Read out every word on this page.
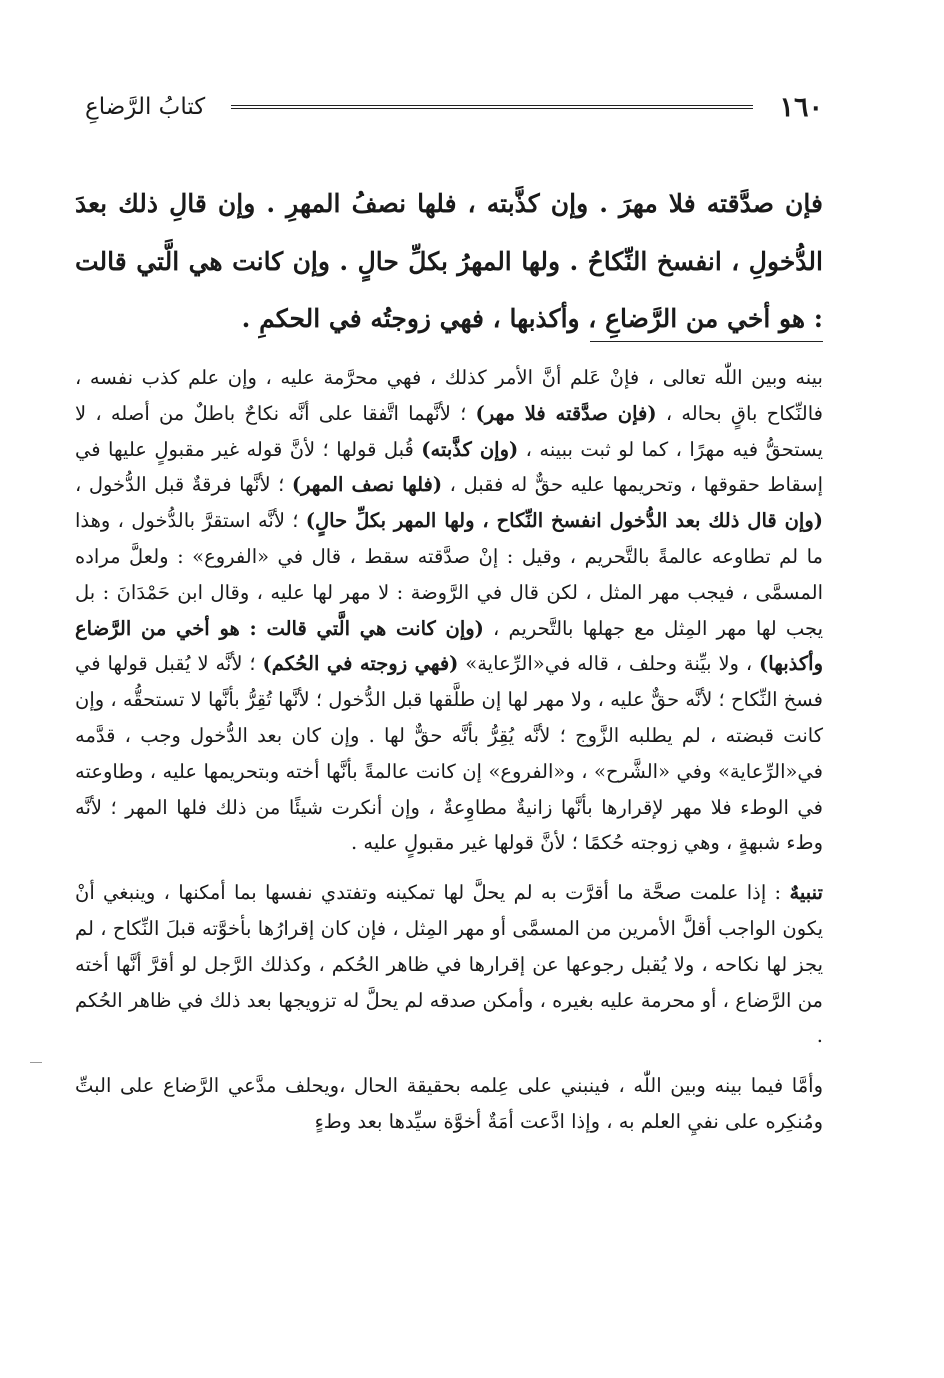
١٦٠
كتابُ الرَّضاعِ

فإن صدَّقته فلا مهرَ . وإن كذَّبته ، فلها نصفُ المهرِ . وإن قالِ ذلك بعدَ الدُّخولِ ، انفسخ النِّكاحُ . ولها المهرُ بكلِّ حالٍ . وإن كانت هي الَّتي قالت : هو أخي من الرَّضاعِ ، وأكذبها ، فهي زوجتُه في الحكمِ .

بينه وبين اللّٰه تعالى ، فإنْ عَلم أنَّ الأمر كذلك ، فهي محرَّمة عليه ، وإن علم كذب نفسه ، فالنِّكاح باقٍ بحاله ، (فإن صدَّقته فلا مهر) ؛ لأنَّهما اتَّفقا على أنَّه نكاحٌ باطلٌ من أصله ، لا يستحقُّ فيه مهرًا ، كما لو ثبت ببينه ، (وإن كذَّبته) قُبل قولها ؛ لأنَّ قوله غير مقبولٍ عليها في إسقاط حقوقها ، وتحريمها عليه حقٌّ له فقبل ، (فلها نصف المهر) ؛ لأنَّها فرقةٌ قبل الدُّخول ، (وإن قال ذلك بعد الدُّخول انفسخ النِّكاح ، ولها المهر بكلِّ حالٍ) ؛ لأنَّه استقرَّ بالدُّخول ، وهذا ما لم تطاوعه عالمةً بالتَّحريم ، وقيل : إنْ صدَّقته سقط ، قال في «الفروع» : ولعلَّ مراده المسمَّى ، فيجب مهر المثل ، لكن قال في الرَّوضة : لا مهر لها عليه ، وقال ابن حَمْدَانَ : بل يجب لها مهر المِثل مع جهلها بالتَّحريم ، (وإن كانت هي الَّتي قالت : هو أخي من الرَّضاع وأكذبها) ، ولا بيِّنة وحلف ، قاله في«الرِّعاية» (فهي زوجته في الحُكم) ؛ لأنَّه لا يُقبل قولها في فسخ النِّكاح ؛ لأنَّه حقٌّ عليه ، ولا مهر لها إن طلَّقها قبل الدُّخول ؛ لأنَّها تُقِرُّ بأنَّها لا تستحقُّه ، وإن كانت قبضته ، لم يطلبه الزَّوج ؛ لأنَّه يُقِرُّ بأنَّه حقٌّ لها . وإن كان بعد الدُّخول وجب ، قدَّمه في«الرِّعاية» وفي «الشَّرح» ، و«الفروع» إن كانت عالمةً بأنَّها أخته وبتحريمها عليه ، وطاوعته في الوطء فلا مهر لإقرارها بأنَّها زانيةٌ مطاوِعةٌ ، وإن أنكرت شيئًا من ذلك فلها المهر ؛ لأنَّه وطء شبهةٍ ، وهي زوجته حُكمًا ؛ لأنَّ قولها غير مقبولٍ عليه .

تنبيهٌ : إذا علمت صحَّة ما أقرَّت به لم يحلَّ لها تمكينه وتفتدي نفسها بما أمكنها ، وينبغي أنْ يكون الواجب أقلَّ الأمرين من المسمَّى أو مهر المِثل ، فإن كان إقرارُها بأخوَّته قبلَ النِّكاح ، لم يجز لها نكاحه ، ولا يُقبل رجوعها عن إقرارها في ظاهر الحُكم ، وكذلك الرَّجل لو أقرَّ أنَّها أخته من الرَّضاع ، أو محرمة عليه بغيره ، وأمكن صدقه لم يحلَّ له تزويجها بعد ذلك في ظاهر الحُكم .

وأمَّا فيما بينه وبين اللّٰه ، فينبني على عِلمه بحقيقة الحال ،ويحلف مدَّعي الرَّضاع على البتِّ ومُنكِره على نفيِ العلم به ، وإذا ادَّعت أمَةٌ أخوَّة سيِّدها بعد وطءٍ
